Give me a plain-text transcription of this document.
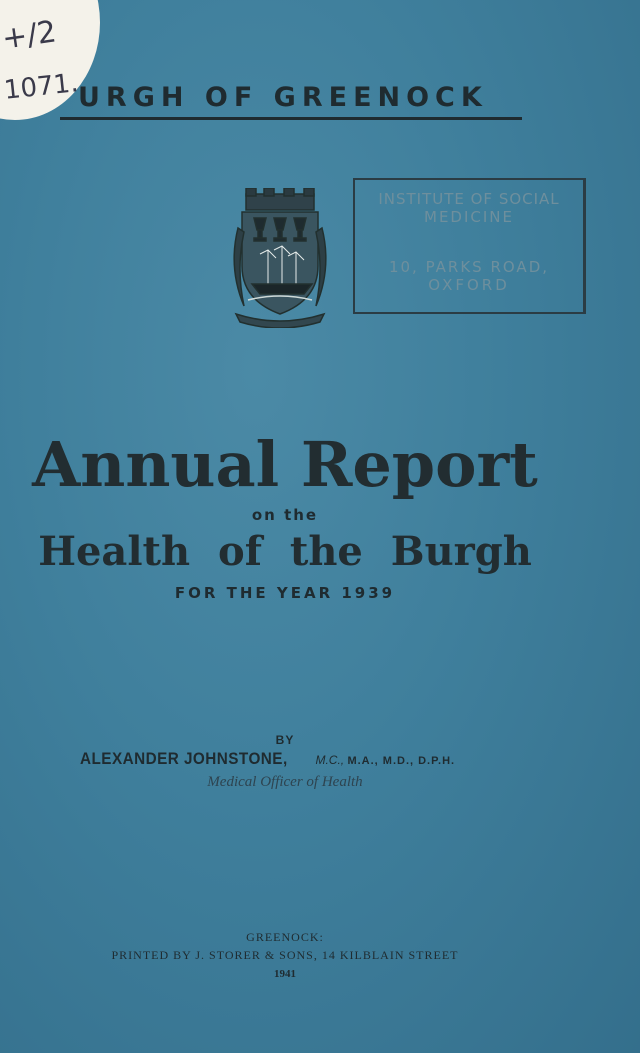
+/2
1071.
URGH OF GREENOCK
INSTITUTE OF SOCIAL
MEDICINE
10, PARKS ROAD,
OXFORD
Annual Report
on the
Health of the Burgh
FOR THE YEAR 1939
BY
ALEXANDER JOHNSTONE, M.C., M.A., M.D., D.P.H.
Medical Officer of Health
GREENOCK:
PRINTED BY J. STORER & SONS, 14 KILBLAIN STREET
1941
